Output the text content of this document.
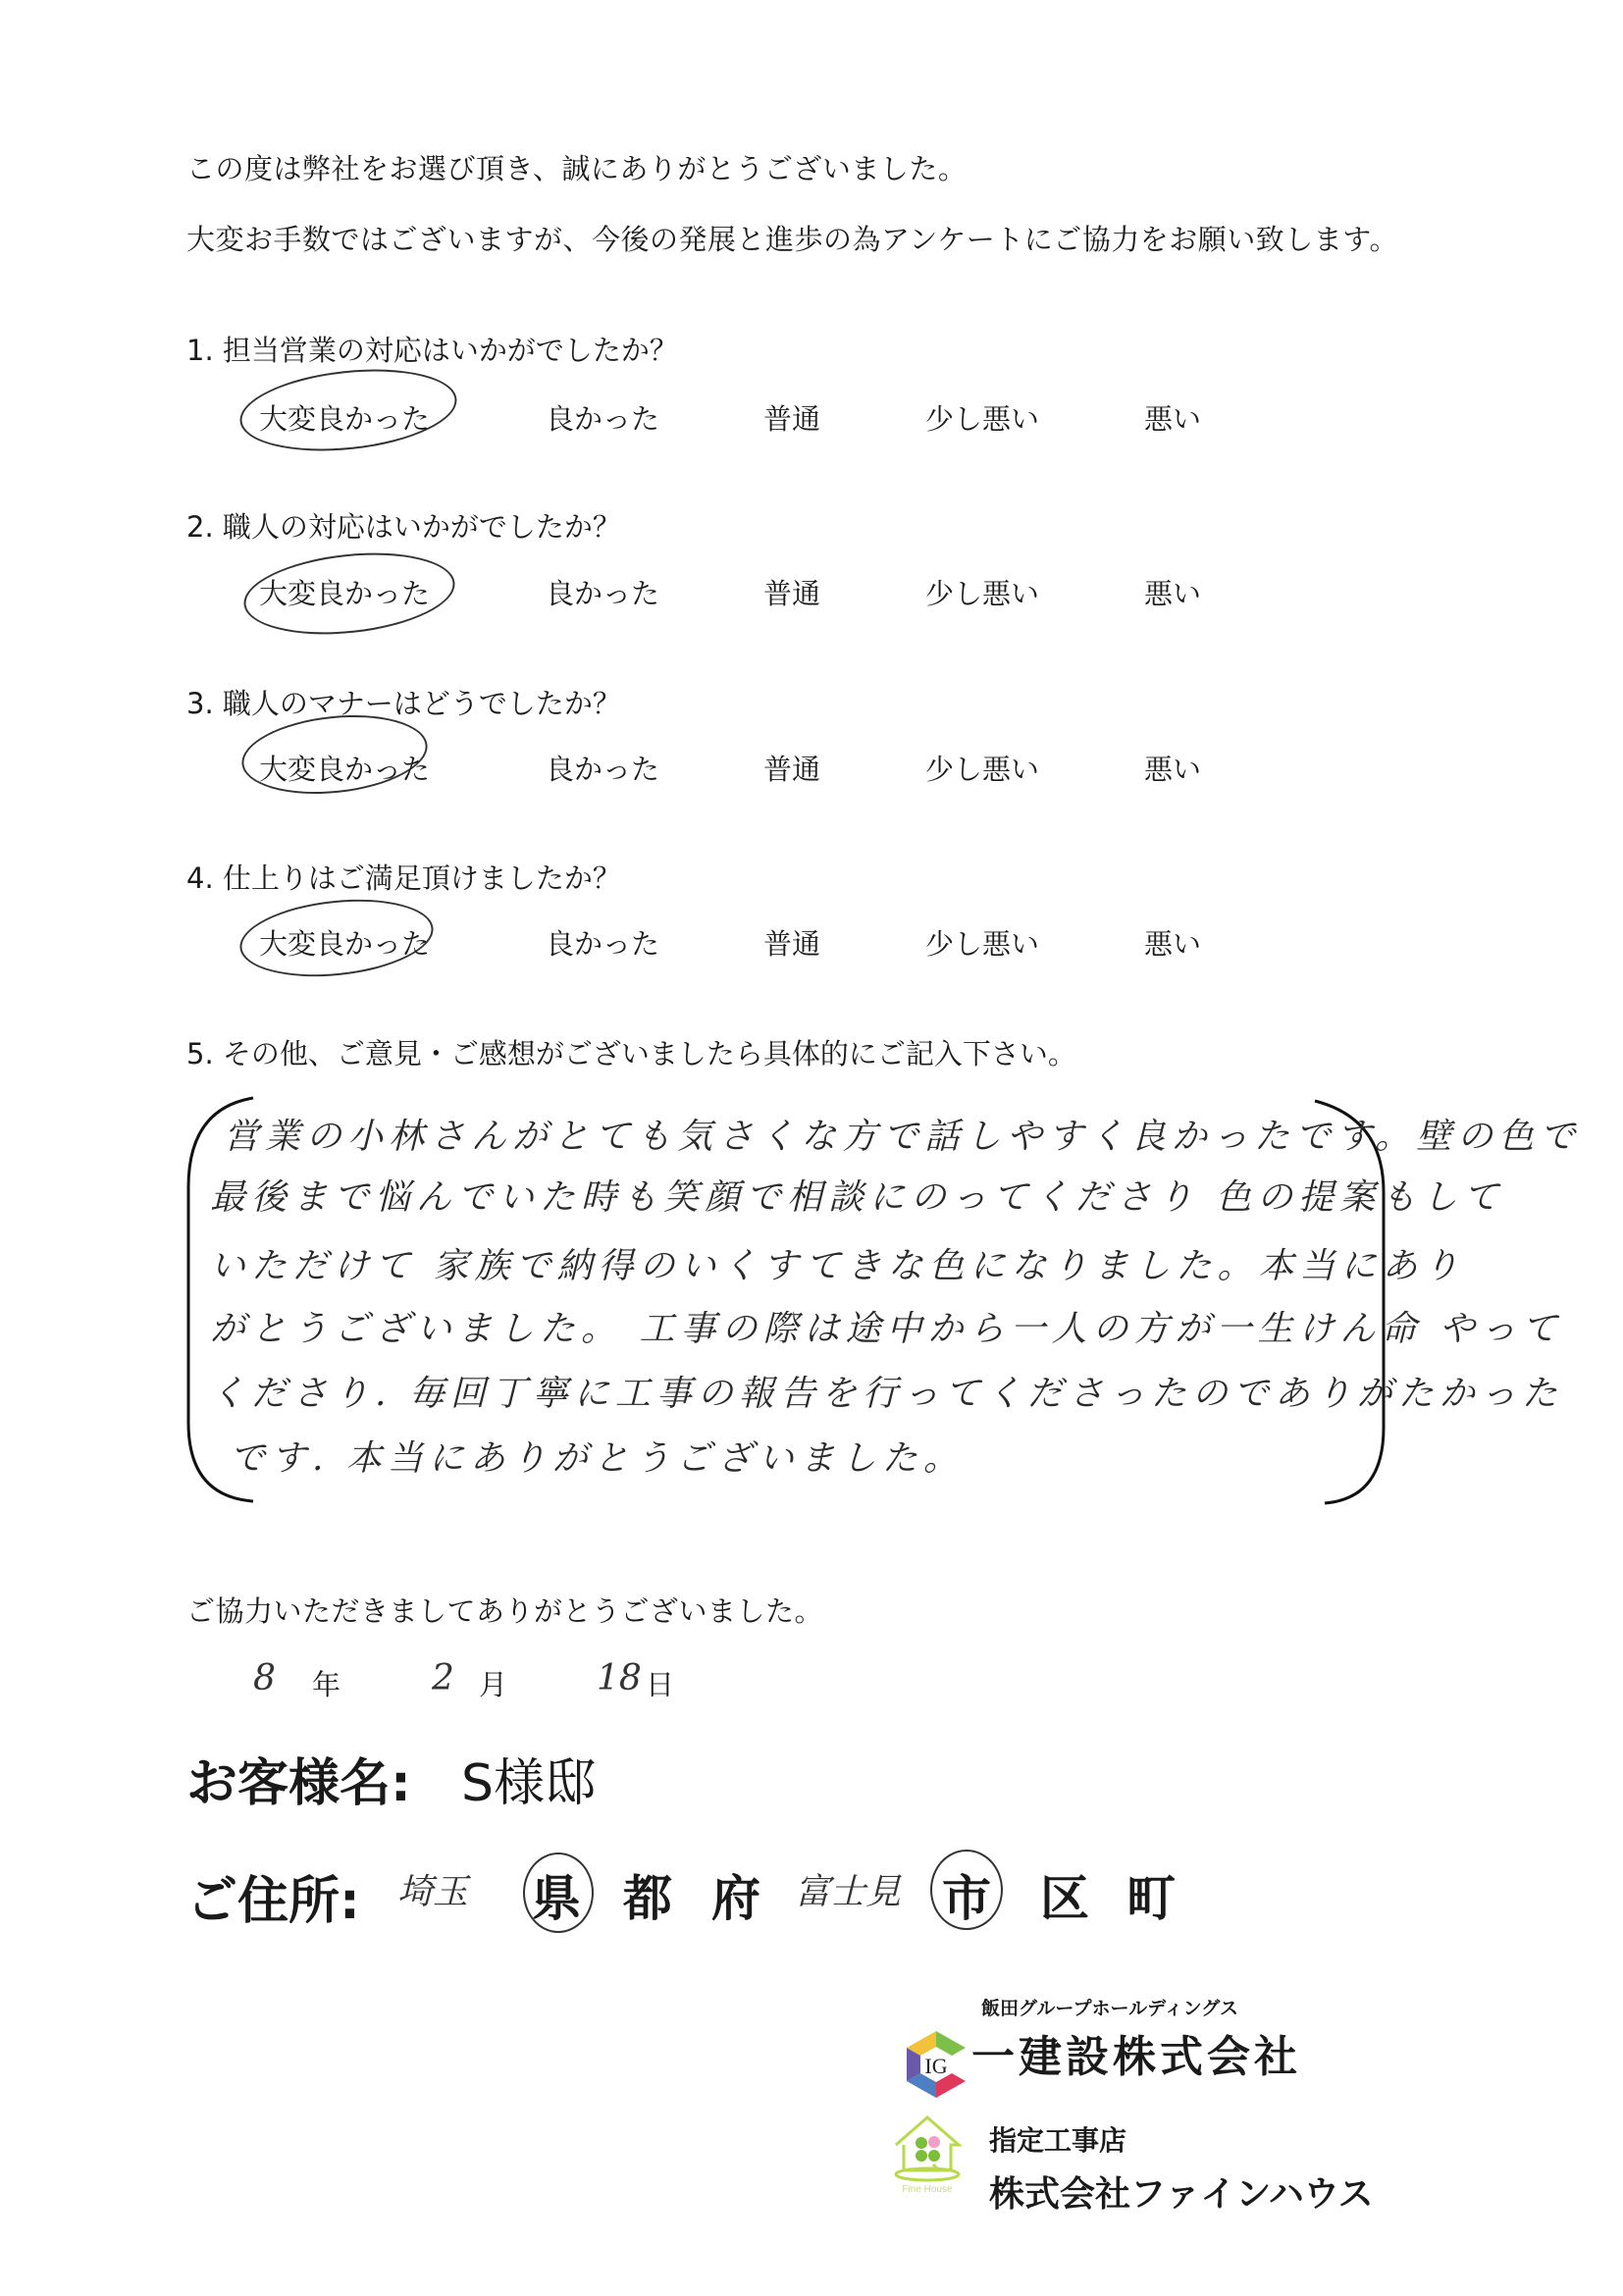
この度は弊社をお選び頂き、誠にありがとうございました。
大変お手数ではございますが、今後の発展と進歩の為アンケートにご協力をお願い致します。
1. 担当営業の対応はいかがでしたか？
大変良かった	良かった	普通	少し悪い	悪い
2. 職人の対応はいかがでしたか？
大変良かった	良かった	普通	少し悪い	悪い
3. 職人のマナーはどうでしたか？
大変良かった	良かった	普通	少し悪い	悪い
4. 仕上りはご満足頂けましたか？
大変良かった	良かった	普通	少し悪い	悪い
5. その他、ご意見・ご感想がございましたら具体的にご記入下さい。
営業の小林さんがとても気さくな方で話しやすく良かったです。壁の色で
最後まで悩んでいた時も笑顔で相談にのってくださり 色の提案もして
いただけて 家族で納得のいくすてきな色になりました。本当にあり
がとうございました。 工事の際は途中から一人の方が一生けん命 やって
くださり. 毎回丁寧に工事の報告を行ってくださったのでありがたかった
です. 本当にありがとうございました。
ご協力いただきましてありがとうございました。
8 年	2 月	18 日
お客様名: S様邸
ご住所: 埼玉 県 都 府 富士見 市 区 町
IG
飯田グループホールディングス
一建設株式会社
Fine House
指定工事店
株式会社ファインハウス
